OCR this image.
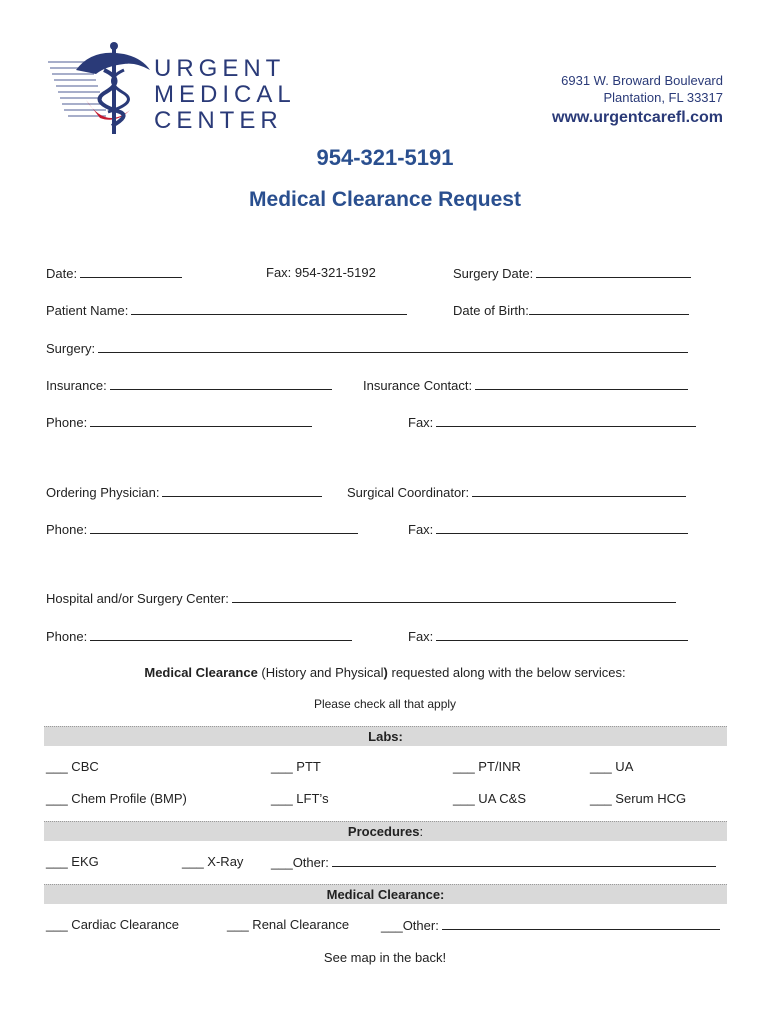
URGENT
MEDICAL
CENTER
6931 W. Broward Boulevard
Plantation, FL 33317
www.urgentcarefl.com
954-321-5191
Medical Clearance Request
Date:	Fax: 954-321-5192	Surgery Date:
Patient Name:	Date of Birth:
Surgery:
Insurance:	Insurance Contact:
Phone:	Fax:
Ordering Physician:	Surgical Coordinator:
Phone:	Fax:
Hospital and/or Surgery Center:
Phone:	Fax:
Medical Clearance (History and Physical) requested along with the below services:
Please check all that apply
Labs:
___ CBC	___ PTT	___ PT/INR	___ UA
___ Chem Profile (BMP)	___ LFT’s	___ UA C&S	___ Serum HCG
Procedures:
___ EKG	___ X-Ray ___Other:
Medical Clearance:
___ Cardiac Clearance	___ Renal Clearance ___Other:
See map in the back!
